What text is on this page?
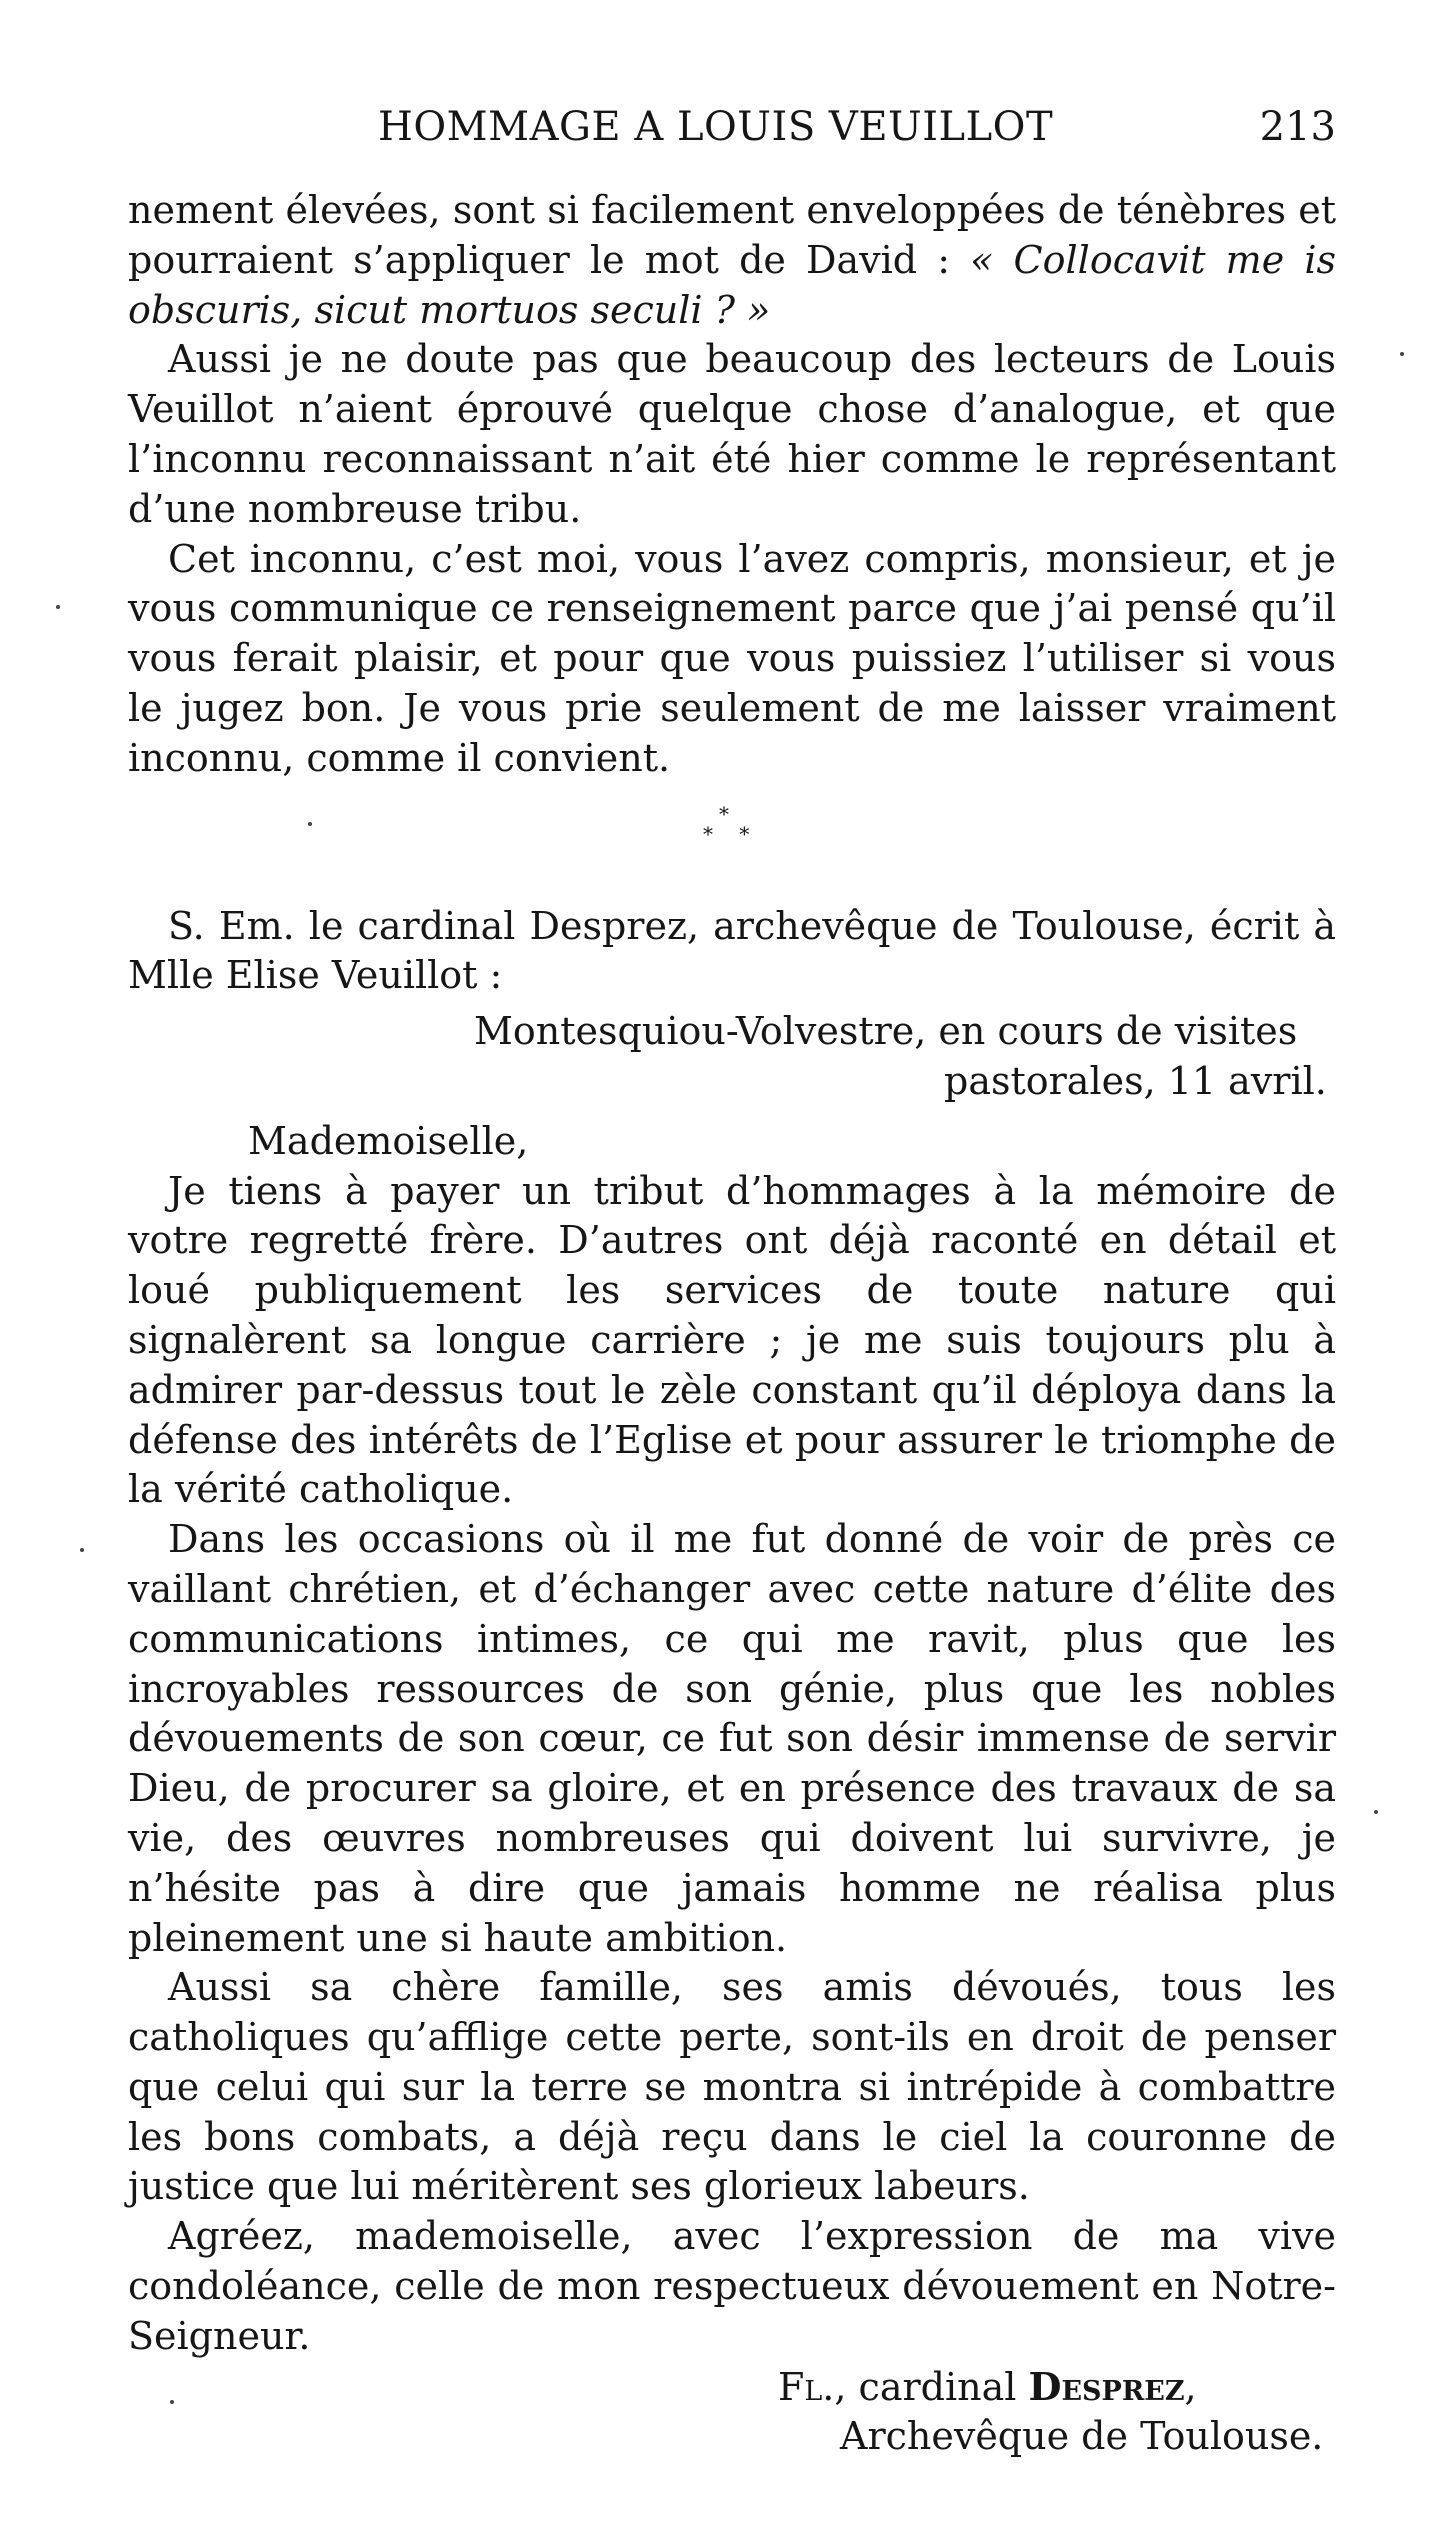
HOMMAGE A LOUIS VEUILLOT	213

nement élevées, sont si facilement enveloppées de ténèbres et pourraient s’appliquer le mot de David : « Collocavit me is obscuris, sicut mortuos seculi ? »

Aussi je ne doute pas que beaucoup des lecteurs de Louis Veuillot n’aient éprouvé quelque chose d’analogue, et que l’inconnu reconnaissant n’ait été hier comme le représentant d’une nombreuse tribu.

Cet inconnu, c’est moi, vous l’avez compris, monsieur, et je vous communique ce renseignement parce que j’ai pensé qu’il vous ferait plaisir, et pour que vous puissiez l’utiliser si vous le jugez bon. Je vous prie seulement de me laisser vraiment inconnu, comme il convient.

*
* *

S. Em. le cardinal Desprez, archevêque de Toulouse, écrit à Mlle Elise Veuillot :

Montesquiou-Volvestre, en cours de visites
pastorales, 11 avril.

Mademoiselle,

Je tiens à payer un tribut d’hommages à la mémoire de votre regretté frère. D’autres ont déjà raconté en détail et loué publiquement les services de toute nature qui signalèrent sa longue carrière ; je me suis toujours plu à admirer par-dessus tout le zèle constant qu’il déploya dans la défense des intérêts de l’Eglise et pour assurer le triomphe de la vérité catholique.

Dans les occasions où il me fut donné de voir de près ce vaillant chrétien, et d’échanger avec cette nature d’élite des communications intimes, ce qui me ravit, plus que les incroyables ressources de son génie, plus que les nobles dévouements de son cœur, ce fut son désir immense de servir Dieu, de procurer sa gloire, et en présence des travaux de sa vie, des œuvres nombreuses qui doivent lui survivre, je n’hésite pas à dire que jamais homme ne réalisa plus pleinement une si haute ambition.

Aussi sa chère famille, ses amis dévoués, tous les catholiques qu’afflige cette perte, sont-ils en droit de penser que celui qui sur la terre se montra si intrépide à combattre les bons combats, a déjà reçu dans le ciel la couronne de justice que lui méritèrent ses glorieux labeurs.

Agréez, mademoiselle, avec l’expression de ma vive condoléance, celle de mon respectueux dévouement en Notre-Seigneur.

Fl., cardinal Desprez,
Archevêque de Toulouse.
